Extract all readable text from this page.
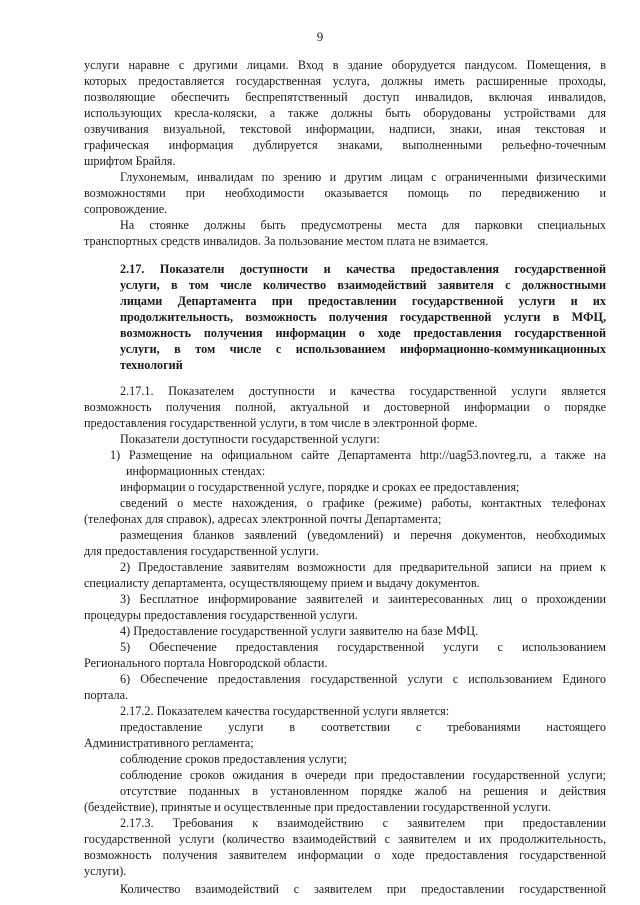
9
услуги наравне с другими лицами. Вход в здание оборудуется пандусом. Помещения, в
которых предоставляется государственная услуга, должны иметь расширенные проходы,
позволяющие обеспечить беспрепятственный доступ инвалидов, включая инвалидов,
использующих кресла-коляски, а также должны быть оборудованы устройствами для
озвучивания визуальной, текстовой информации, надписи, знаки, иная текстовая и
графическая информация дублируется знаками, выполненными рельефно-точечным
шрифтом Брайля.
Глухонемым, инвалидам по зрению и другим лицам с ограниченными физическими
возможностями при необходимости оказывается помощь по передвижению и
сопровождение.
На стоянке должны быть предусмотрены места для парковки специальных
транспортных средств инвалидов. За пользование местом плата не взимается.
2.17. Показатели доступности и качества предоставления государственной
услуги, в том числе количество взаимодействий заявителя с должностными
лицами Департамента при предоставлении государственной услуги и их
продолжительность, возможность получения государственной услуги в МФЦ,
возможность получения информации о ходе предоставления государственной
услуги, в том числе с использованием информационно-коммуникационных
технологий
2.17.1. Показателем доступности и качества государственной услуги является
возможность получения полной, актуальной и достоверной информации о порядке
предоставления государственной услуги, в том числе в электронной форме.
Показатели доступности государственной услуги:
1) Размещение на официальном сайте Департамента http://uag53.novreg.ru, а также на
информационных стендах:
информации о государственной услуге, порядке и сроках ее предоставления;
сведений о месте нахождения, о графике (режиме) работы, контактных телефонах
(телефонах для справок), адресах электронной почты Департамента;
размещения бланков заявлений (уведомлений) и перечня документов, необходимых
для предоставления государственной услуги.
2) Предоставление заявителям возможности для предварительной записи на прием к
специалисту департамента, осуществляющему прием и выдачу документов.
3) Бесплатное информирование заявителей и заинтересованных лиц о прохождении
процедуры предоставления государственной услуги.
4) Предоставление государственной услуги заявителю на базе МФЦ.
5) Обеспечение предоставления государственной услуги с использованием
Регионального портала Новгородской области.
6) Обеспечение предоставления государственной услуги с использованием Единого
портала.
2.17.2. Показателем качества государственной услуги является:
предоставление услуги в соответствии с требованиями настоящего
Административного регламента;
соблюдение сроков предоставления услуги;
соблюдение сроков ожидания в очереди при предоставлении государственной услуги;
отсутствие поданных в установленном порядке жалоб на решения и действия
(бездействие), принятые и осуществленные при предоставлении государственной услуги.
2.17.3. Требования к взаимодействию с заявителем при предоставлении
государственной услуги (количество взаимодействий с заявителем и их продолжительность,
возможность получения заявителем информации о ходе предоставления государственной
услуги).
Количество взаимодействий с заявителем при предоставлении государственной
